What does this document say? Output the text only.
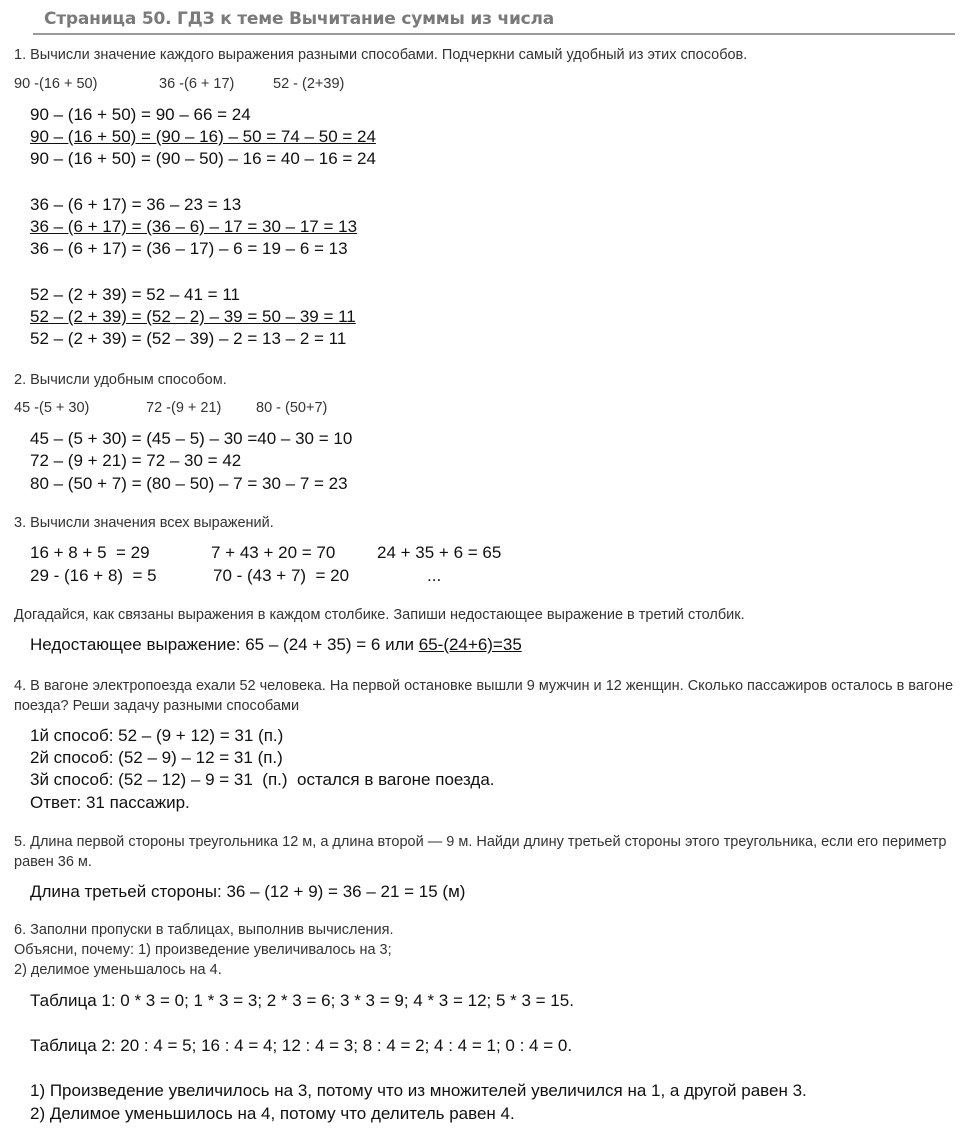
Страница 50. ГДЗ к теме Вычитание суммы из числа
1. Вычисли значение каждого выражения разными способами. Подчеркни самый удобный из этих способов.
90 -(16 + 50)	36 -(6 + 17)	52 - (2+39)
90 – (16 + 50) = 90 – 66 = 24
90 – (16 + 50) = (90 – 16) – 50 = 74 – 50 = 24
90 – (16 + 50) = (90 – 50) – 16 = 40 – 16 = 24
36 – (6 + 17) = 36 – 23 = 13
36 – (6 + 17) = (36 – 6) – 17 = 30 – 17 = 13
36 – (6 + 17) = (36 – 17) – 6 = 19 – 6 = 13
52 – (2 + 39) = 52 – 41 = 11
52 – (2 + 39) = (52 – 2) – 39 = 50 – 39 = 11
52 – (2 + 39) = (52 – 39) – 2 = 13 – 2 = 11
2. Вычисли удобным способом.
45 -(5 + 30)	72 -(9 + 21) 80 - (50+7)
45 – (5 + 30) = (45 – 5) – 30 =40 – 30 = 10
72 – (9 + 21) = 72 – 30 = 42
80 – (50 + 7) = (80 – 50) – 7 = 30 – 7 = 23
3. Вычисли значения всех выражений.
16 + 8 + 5  = 29	7 + 43 + 20 = 70 24 + 35 + 6 = 65
29 - (16 + 8)  = 5	70 - (43 + 7)  = 20	...
Догадайся, как связаны выражения в каждом столбике. Запиши недостающее выражение в третий столбик.
Недостающее выражение: 65 – (24 + 35) = 6 или 65-(24+6)=35
4. В вагоне электропоезда ехали 52 человека. На первой остановке вышли 9 мужчин и 12 женщин. Сколько пассажиров осталось в вагоне поезда? Реши задачу разными способами
1й способ: 52 – (9 + 12) = 31 (п.)
2й способ: (52 – 9) – 12 = 31 (п.)
3й способ: (52 – 12) – 9 = 31  (п.)  остался в вагоне поезда.
Ответ: 31 пассажир.
5. Длина первой стороны треугольника 12 м, а длина второй — 9 м. Найди длину третьей стороны этого треугольника, если его периметр равен 36 м.
Длина третьей стороны: 36 – (12 + 9) = 36 – 21 = 15 (м)
6. Заполни пропуски в таблицах, выполнив вычисления.
Объясни, почему: 1) произведение увеличивалось на 3;
2) делимое уменьшалось на 4.
Таблица 1: 0 * 3 = 0; 1 * 3 = 3; 2 * 3 = 6; 3 * 3 = 9; 4 * 3 = 12; 5 * 3 = 15.
Таблица 2: 20 : 4 = 5; 16 : 4 = 4; 12 : 4 = 3; 8 : 4 = 2; 4 : 4 = 1; 0 : 4 = 0.
1) Произведение увеличилось на 3, потому что из множителей увеличился на 1, а другой равен 3.
2) Делимое уменьшилось на 4, потому что делитель равен 4.
